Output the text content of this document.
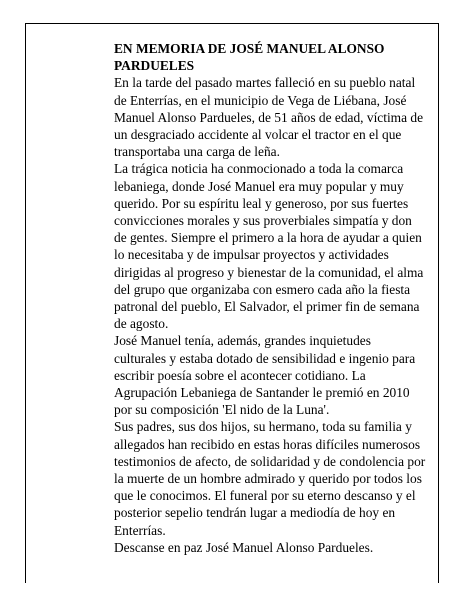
EN MEMORIA DE JOSÉ MANUEL ALONSO PARDUELES

En la tarde del pasado martes falleció en su pueblo natal de Enterrías, en el municipio de Vega de Liébana, José Manuel Alonso Pardueles, de 51 años de edad, víctima de un desgraciado accidente al volcar el tractor en el que transportaba una carga de leña.

La trágica noticia ha conmocionado a toda la comarca lebaniega, donde José Manuel era muy popular y muy querido. Por su espíritu leal y generoso, por sus fuertes convicciones morales y sus proverbiales simpatía y don de gentes. Siempre el primero a la hora de ayudar a quien lo necesitaba y de impulsar proyectos y actividades dirigidas al progreso y bienestar de la comunidad, el alma del grupo que organizaba con esmero cada año la fiesta patronal del pueblo, El Salvador, el primer fin de semana de agosto.

José Manuel tenía, además, grandes inquietudes culturales y estaba dotado de sensibilidad e ingenio para escribir poesía sobre el acontecer cotidiano. La Agrupación Lebaniega de Santander le premió en 2010 por su composición 'El nido de la Luna'.

Sus padres, sus dos hijos, su hermano, toda su familia y allegados han recibido en estas horas difíciles numerosos testimonios de afecto, de solidaridad y de condolencia por la muerte de un hombre admirado y querido por todos los que le conocimos. El funeral por su eterno descanso y el posterior sepelio tendrán lugar a mediodía de hoy en Enterrías.

Descanse en paz José Manuel Alonso Pardueles.
